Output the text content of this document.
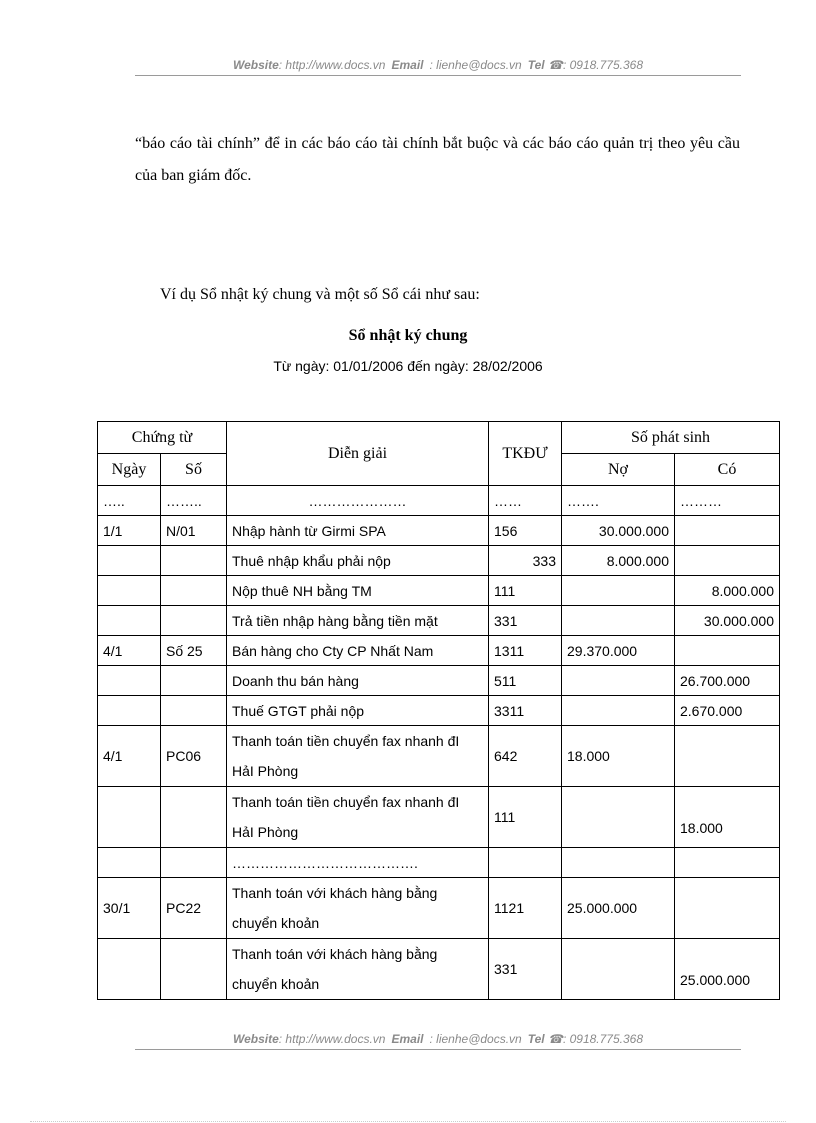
Website: http://www.docs.vn Email : lienhe@docs.vn Tel ☎: 0918.775.368
“báo cáo tài chính” để in các báo cáo tài chính bắt buộc và các báo cáo quản trị theo yêu cầu của ban giám đốc.
Ví dụ Sổ nhật ký chung và một số Sổ cái như sau:
Sổ nhật ký chung
Từ ngày: 01/01/2006 đến ngày: 28/02/2006
Chứng từ		Diễn giải	TKĐƯ	Số phát sinh	
Ngày	Số			Nợ	Có
…..	……..	…………………	……	…….	………
1/1	N/01	Nhập hành từ Girmi SPA	156	30.000.000	
		Thuê nhập khẩu phải nộp	333	8.000.000	
		Nộp thuê NH bằng TM	111		8.000.000
		Trả tiền nhập hàng bằng tiền mặt	331		30.000.000
4/1	Số 25	Bán hàng cho Cty CP Nhất Nam	1311	29.370.000	
		Doanh thu bán hàng	511		26.700.000
		Thuế GTGT phải nộp	3311		2.670.000
4/1	PC06	Thanh toán tiền chuyển fax nhanh đI HảI Phòng	642	18.000	
		Thanh toán tiền chuyển fax nhanh đI HảI Phòng	111		18.000
		………………………………….			
30/1	PC22	Thanh toán với khách hàng bằng chuyển khoản	1121	25.000.000	
		Thanh toán với khách hàng bằng chuyển khoản	331		25.000.000
Website: http://www.docs.vn Email : lienhe@docs.vn Tel ☎: 0918.775.368
